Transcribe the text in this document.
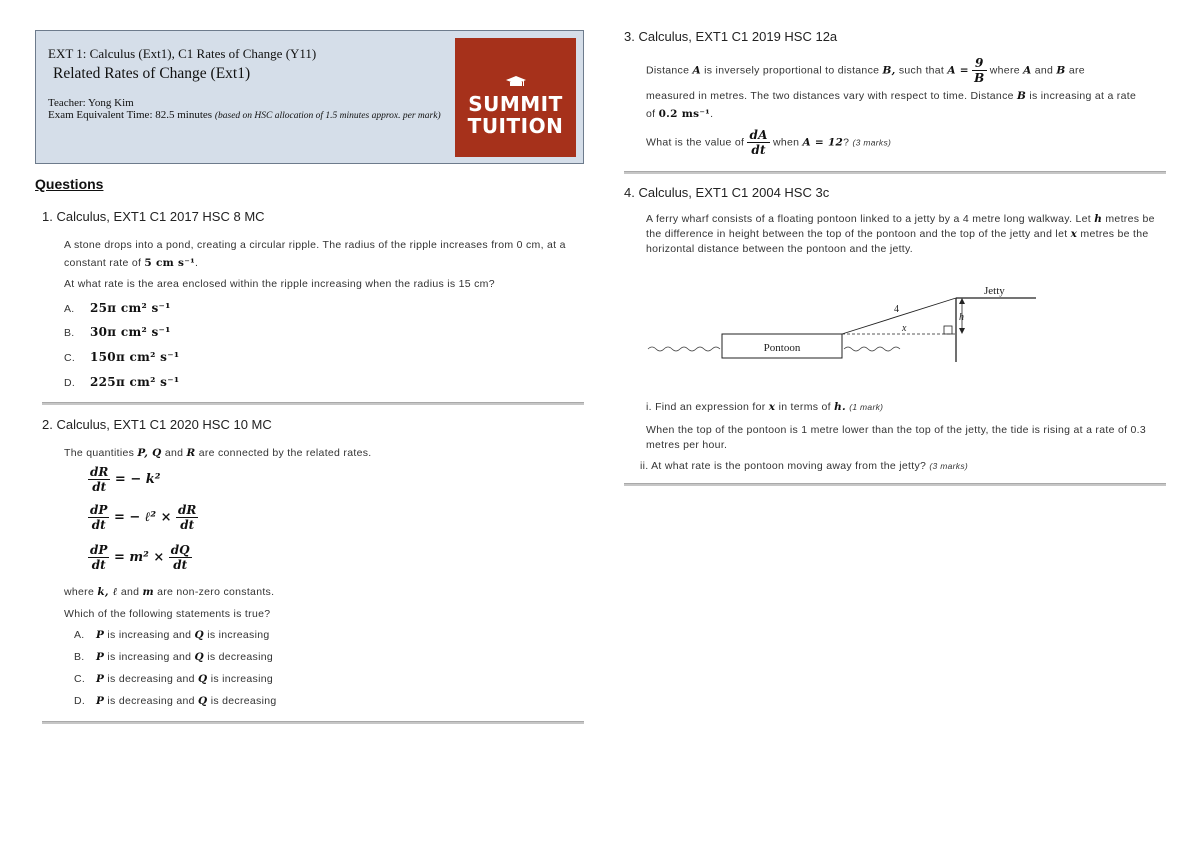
EXT 1: Calculus (Ext1), C1 Rates of Change (Y11)
Related Rates of Change (Ext1)
Teacher: Yong Kim
Exam Equivalent Time: 82.5 minutes (based on HSC allocation of 1.5 minutes approx. per mark)	SUMMIT
TUITION
Questions
1. Calculus, EXT1 C1 2017 HSC 8 MC
A stone drops into a pond, creating a circular ripple. The radius of the ripple increases from 0 cm, at a
constant rate of 5 cm s⁻¹.
At what rate is the area enclosed within the ripple increasing when the radius is 15 cm?
A. 25π cm² s⁻¹
B. 30π cm² s⁻¹
C. 150π cm² s⁻¹
D. 225π cm² s⁻¹
2. Calculus, EXT1 C1 2020 HSC 10 MC
The quantities P, Q and R are connected by the related rates.
$\frac{dR}{dt}$ = − k²
$\frac{dP}{dt}$ = − ℓ² × $\frac{dR}{dt}$
$\frac{dP}{dt} = m^2 \times \frac{dQ}{dt}$
where k, ℓ and m are non-zero constants.
Which of the following statements is true?
A. P is increasing and Q is increasing
B. P is increasing and Q is decreasing
C. P is decreasing and Q is increasing
D. P is decreasing and Q is decreasing
3. Calculus, EXT1 C1 2019 HSC 12a
Distance A is inversely proportional to distance B, such that $A = \frac{9}{B}$ where A and B are
measured in metres. The two distances vary with respect to time. Distance B is increasing at a rate
of 0.2 ms⁻¹.
What is the value of $\frac{dA}{dt}$ when A = 12? (3 marks)
4. Calculus, EXT1 C1 2004 HSC 3c
A ferry wharf consists of a floating pontoon linked to a jetty by a 4 metre long walkway. Let h metres be the difference in height between the top of the pontoon and the top of the jetty and let x metres be the horizontal distance between the pontoon and the jetty.
Jetty
4
x
h
Pontoon
i. Find an expression for x in terms of h. (1 mark)
When the top of the pontoon is 1 metre lower than the top of the jetty, the tide is rising at a rate of 0.3 metres per hour.
ii. At what rate is the pontoon moving away from the jetty? (3 marks)
